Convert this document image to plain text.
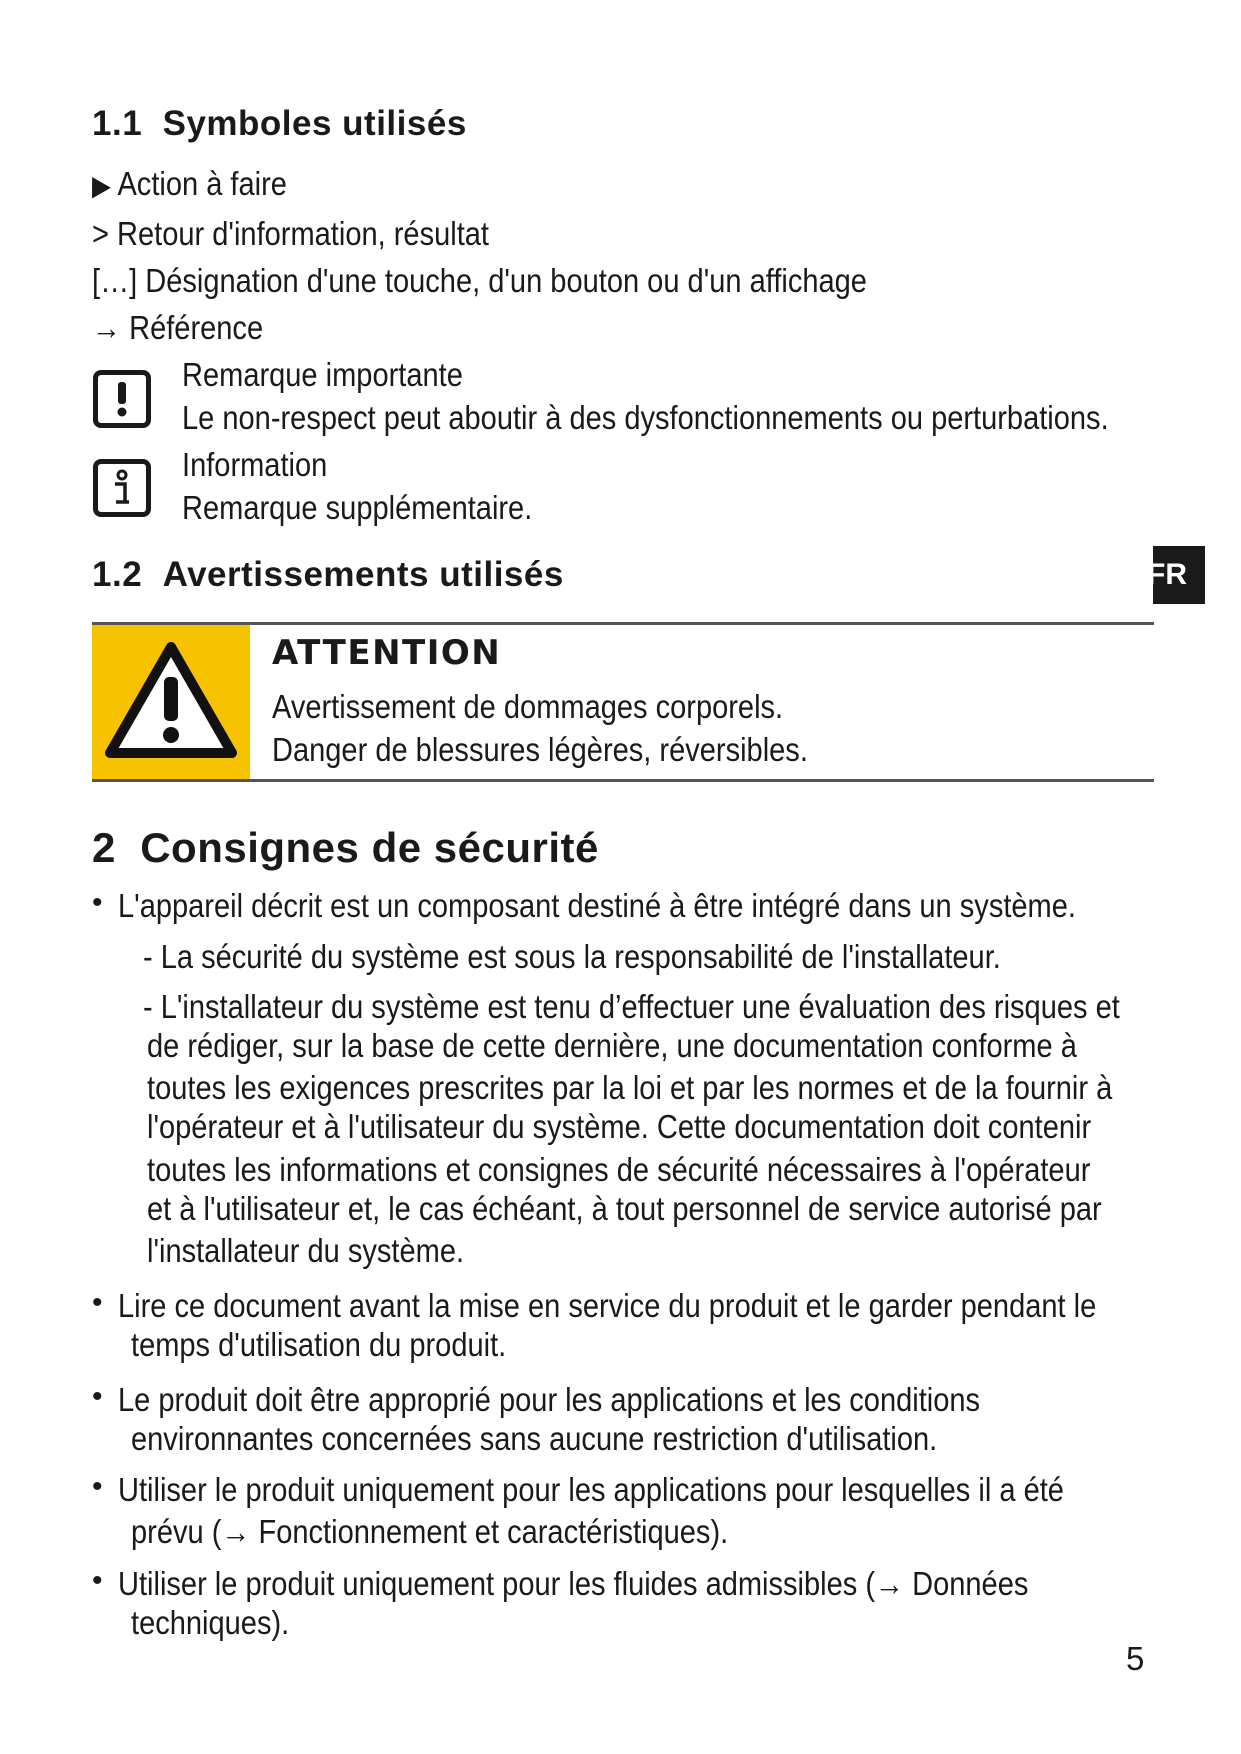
1.1 Symboles utilisés
▶ Action à faire
> Retour d'information, résultat
[…] Désignation d'une touche, d'un bouton ou d'un affichage
→ Référence
Remarque importante
Le non-respect peut aboutir à des dysfonctionnements ou perturbations.
Information
Remarque supplémentaire.
1.2 Avertissements utilisés	FR
ATTENTION
Avertissement de dommages corporels.
Danger de blessures légères, réversibles.
2 Consignes de sécurité
• L'appareil décrit est un composant destiné à être intégré dans un système.
- La sécurité du système est sous la responsabilité de l'installateur.
- L'installateur du système est tenu d’effectuer une évaluation des risques et
de rédiger, sur la base de cette dernière, une documentation conforme à
toutes les exigences prescrites par la loi et par les normes et de la fournir à
l'opérateur et à l'utilisateur du système. Cette documentation doit contenir
toutes les informations et consignes de sécurité nécessaires à l'opérateur
et à l'utilisateur et, le cas échéant, à tout personnel de service autorisé par
l'installateur du système.
• Lire ce document avant la mise en service du produit et le garder pendant le
temps d'utilisation du produit.
• Le produit doit être approprié pour les applications et les conditions
environnantes concernées sans aucune restriction d'utilisation.
• Utiliser le produit uniquement pour les applications pour lesquelles il a été
prévu (→ Fonctionnement et caractéristiques).
• Utiliser le produit uniquement pour les fluides admissibles (→ Données
techniques).
5
